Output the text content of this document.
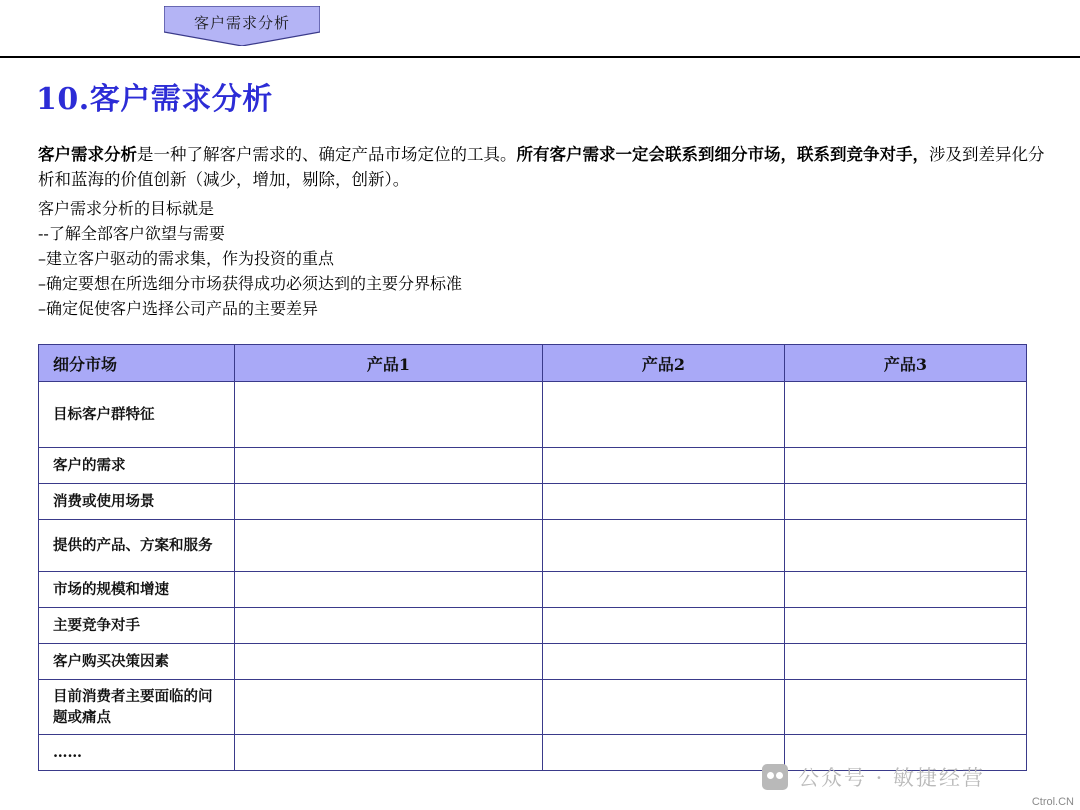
客户需求分析
10.客户需求分析

客户需求分析是一种了解客户需求的、确定产品市场定位的工具。所有客户需求一定会联系到细分市场，联系到竞争对手，涉及到差异化分析和蓝海的价值创新（减少，增加，剔除，创新）。

客户需求分析的目标就是

--了解全部客户欲望与需要

–建立客户驱动的需求集，作为投资的重点

–确定要想在所选细分市场获得成功必须达到的主要分界标准

–确定促使客户选择公司产品的主要差异

细分市场	产品1	产品2	产品3
目标客户群特征			
客户的需求			
消费或使用场景			
提供的产品、方案和服务			
市场的规模和增速			
主要竞争对手			
客户购买决策因素			
目前消费者主要面临的问题或痛点			
……			
公众号 · 敏捷经营
Ctrol.CN
